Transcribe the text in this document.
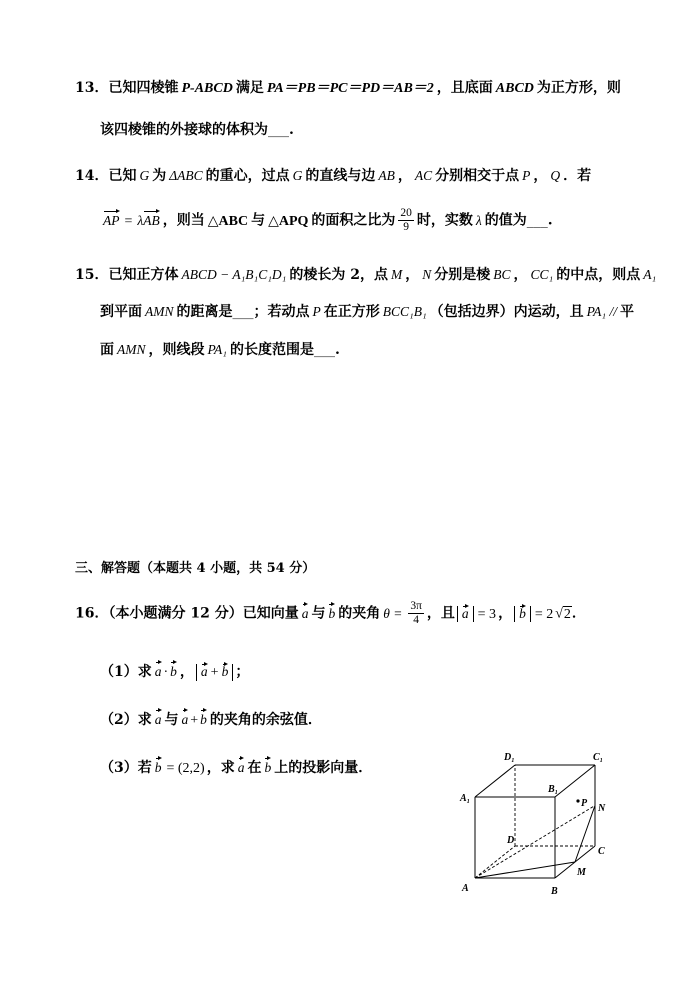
13．已知四棱锥 P-ABCD 满足 PA＝PB＝PC＝PD＝AB＝2 ，且底面 ABCD 为正方形，则
该四棱锥的外接球的体积为___.
14．已知 G 为 ΔABC 的重心，过点 G 的直线与边 AB ， AC 分别相交于点 P ， Q ．若
AP = λAB ，则当 △ABC 与 △APQ 的面积之比为 $\frac{20}{9}$ 时，实数 λ 的值为___.
15．已知正方体 ABCD − A₁B₁C₁D₁ 的棱长为 2，点 M ， N 分别是棱 BC ， CC₁ 的中点，则点 A₁
到平面 AMN 的距离是___；若动点 P 在正方形 BCC₁B₁ （包括边界）内运动，且 PA₁ // 平
面 AMN ，则线段 PA₁ 的长度范围是___.
三、解答题（本题共 4 小题，共 54 分）
16．（本小题满分 12 分）已知向量 a 与 b 的夹角 $\theta = \frac{3\pi}{4}$ ，且 a = 3 ， b = 2 √2．
（1）求 a · b ， a + b ；
（2）求 a 与 a + b 的夹角的余弦值．
（3）若 b = (2,2) ，求 a 在 b 上的投影向量．
D₁	C₁
A₁
B₁
P N
D
C
M
A	B
